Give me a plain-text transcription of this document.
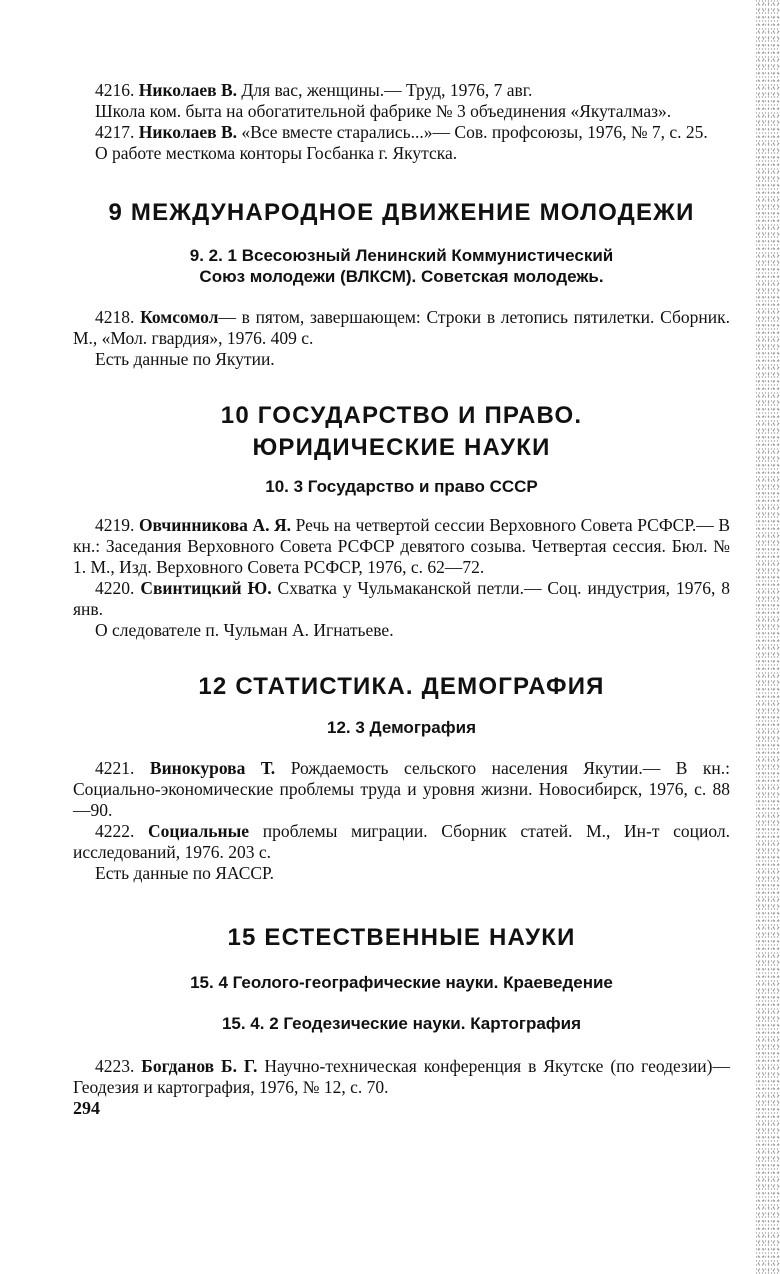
4216. Николаев В. Для вас, женщины.— Труд, 1976, 7 авг.

Школа ком. быта на обогатительной фабрике № 3 объединения «Якуталмаз».

4217. Николаев В. «Все вместе старались...»— Сов. профсоюзы, 1976, № 7, с. 25.

О работе месткома конторы Госбанка г. Якутска.

9 МЕЖДУНАРОДНОЕ ДВИЖЕНИЕ МОЛОДЕЖИ

9. 2. 1 Всесоюзный Ленинский Коммунистический

Союз молодежи (ВЛКСМ). Советская молодежь.

4218. Комсомол— в пятом, завершающем: Строки в летопись пятилетки. Сборник. М., «Мол. гвардия», 1976. 409 с.

Есть данные по Якутии.

10 ГОСУДАРСТВО И ПРАВО.
ЮРИДИЧЕСКИЕ НАУКИ

10. 3 Государство и право СССР

4219. Овчинникова А. Я. Речь на четвертой сессии Верховного Совета РСФСР.— В кн.: Заседания Верховного Совета РСФСР девятого созыва. Четвертая сессия. Бюл. № 1. М., Изд. Верховного Совета РСФСР, 1976, с. 62—72.

4220. Свинтицкий Ю. Схватка у Чульмаканской петли.— Соц. индустрия, 1976, 8 янв.

О следователе п. Чульман А. Игнатьеве.

12 СТАТИСТИКА. ДЕМОГРАФИЯ

12. 3 Демография

4221. Винокурова Т. Рождаемость сельского населения Якутии.— В кн.: Социально-экономические проблемы труда и уровня жизни. Новосибирск, 1976, с. 88—90.

4222. Социальные проблемы миграции. Сборник статей. М., Ин-т социол. исследований, 1976. 203 с.

Есть данные по ЯАССР.

15 ЕСТЕСТВЕННЫЕ НАУКИ

15. 4 Геолого-географические науки. Краеведение

15. 4. 2 Геодезические науки. Картография

4223. Богданов Б. Г. Научно-техническая конференция в Якутске (по геодезии)— Геодезия и картография, 1976, № 12, с. 70.

294
